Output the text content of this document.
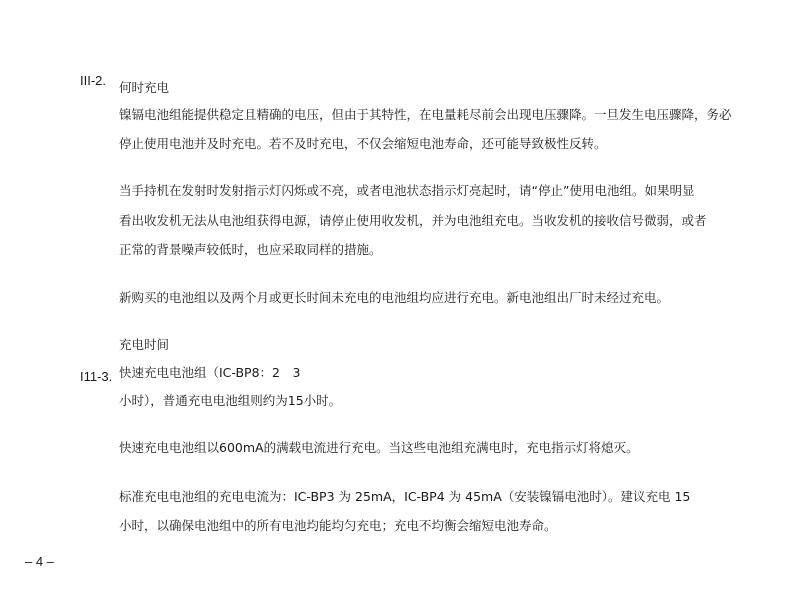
III-2. 何时充电
镍镉电池组能提供稳定且精确的电压，但由于其特性，在电量耗尽前会出现电压骤降。一旦发生电压骤降，务必
停止使用电池并及时充电。若不及时充电，不仅会缩短电池寿命，还可能导致极性反转。
当手持机在发射时发射指示灯闪烁或不亮，或者电池状态指示灯亮起时，请“停止”使用电池组。如果明显
看出收发机无法从电池组获得电源，请停止使用收发机，并为电池组充电。当收发机的接收信号微弱，或者
正常的背景噪声较低时，也应采取同样的措施。
新购买的电池组以及两个月或更长时间未充电的电池组均应进行充电。新电池组出厂时未经过充电。
充电时间
I11-3. 快速充电电池组（IC-BP8：2　3
小时），普通充电电池组则约为15小时。
快速充电电池组以600mA的满载电流进行充电。当这些电池组充满电时，充电指示灯将熄灭。
标准充电电池组的充电电流为：IC-BP3 为 25mA，IC-BP4 为 45mA（安装镍镉电池时）。建议充电 15
小时，以确保电池组中的所有电池均能均匀充电；充电不均衡会缩短电池寿命。
– 4 –
